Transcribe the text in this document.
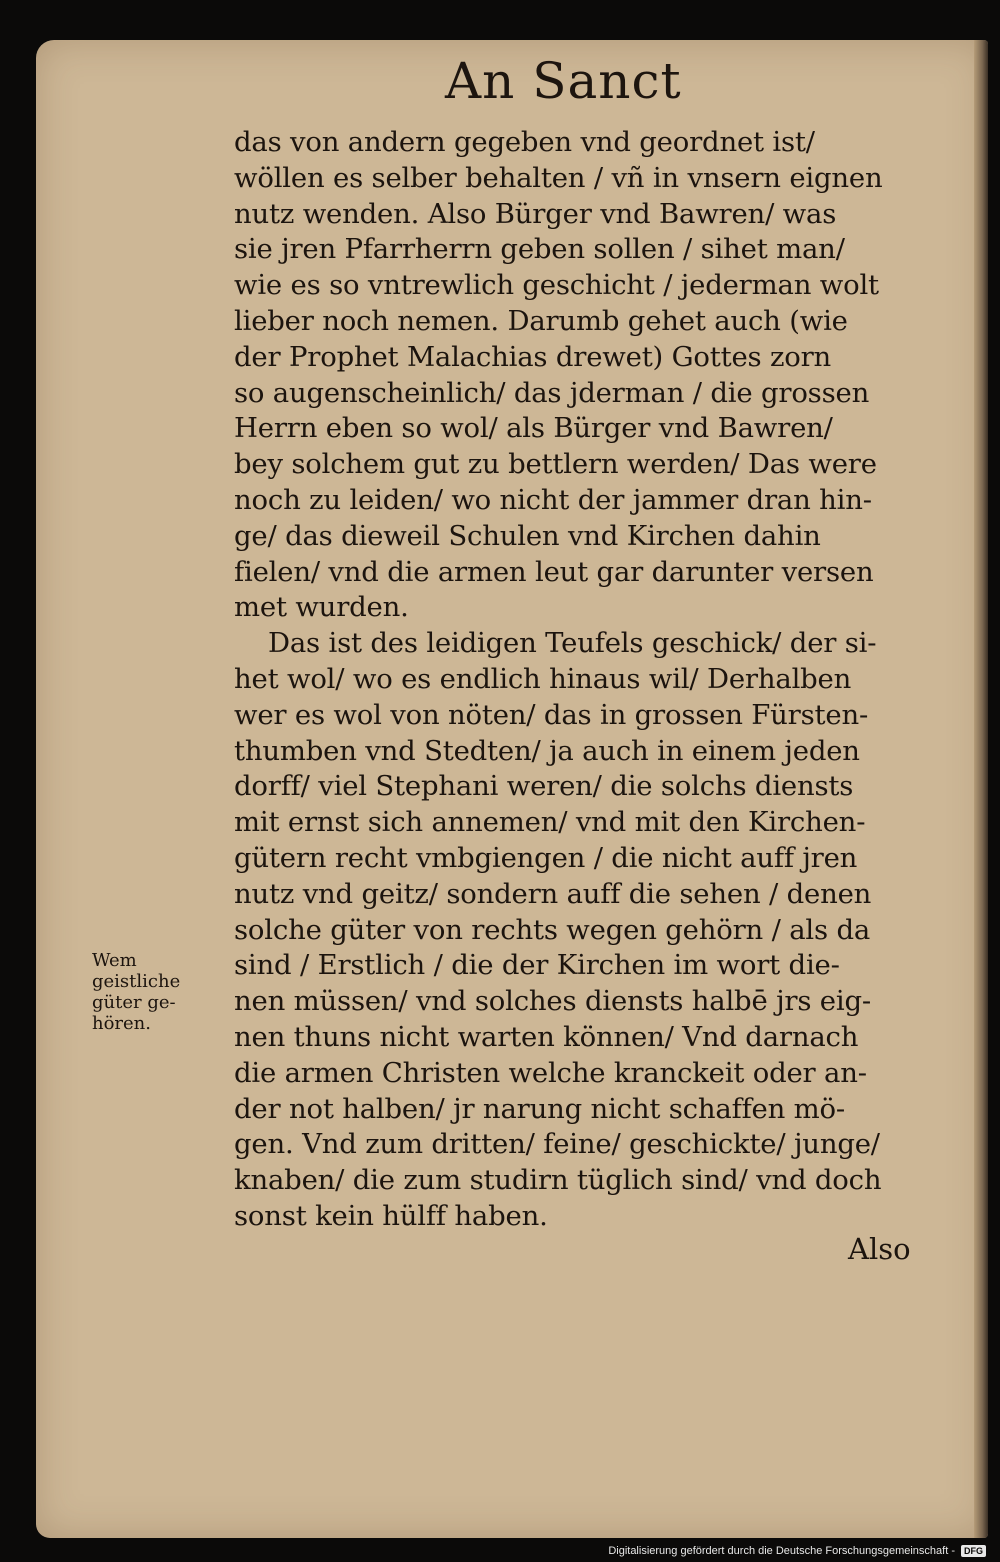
An Sanct
das von andern gegeben vnd geordnet ist/
wöllen es selber behalten / vñ in vnsern eignen
nutz wenden. Also Bürger vnd Bawren/ was
sie jren Pfarrherrn geben sollen / sihet man/
wie es so vntrewlich geschicht / jederman wolt
lieber noch nemen. Darumb gehet auch (wie
der Prophet Malachias drewet) Gottes zorn
so augenscheinlich/ das jderman / die grossen
Herrn eben so wol/ als Bürger vnd Bawren/
bey solchem gut zu bettlern werden/ Das were
noch zu leiden/ wo nicht der jammer dran hin-
ge/ das dieweil Schulen vnd Kirchen dahin
fielen/ vnd die armen leut gar darunter versen
met wurden.
Das ist des leidigen Teufels geschick/ der si-
het wol/ wo es endlich hinaus wil/ Derhalben
wer es wol von nöten/ das in grossen Fürsten-
thumben vnd Stedten/ ja auch in einem jeden
dorff/ viel Stephani weren/ die solchs diensts
mit ernst sich annemen/ vnd mit den Kirchen-
gütern recht vmbgiengen / die nicht auff jren
nutz vnd geitz/ sondern auff die sehen / denen
solche güter von rechts wegen gehörn / als da
sind / Erstlich / die der Kirchen im wort die-
nen müssen/ vnd solches diensts halbē jrs eig-
nen thuns nicht warten können/ Vnd darnach
die armen Christen welche kranckeit oder an-
der not halben/ jr narung nicht schaffen mö-
gen. Vnd zum dritten/ feine/ geschickte/ junge/
knaben/ die zum studirn tüglich sind/ vnd doch
sonst kein hülff haben.
Wem
geistliche
güter ge-
hören.
Also
Digitalisierung gefördert durch die Deutsche Forschungsgemeinschaft -	DFG
